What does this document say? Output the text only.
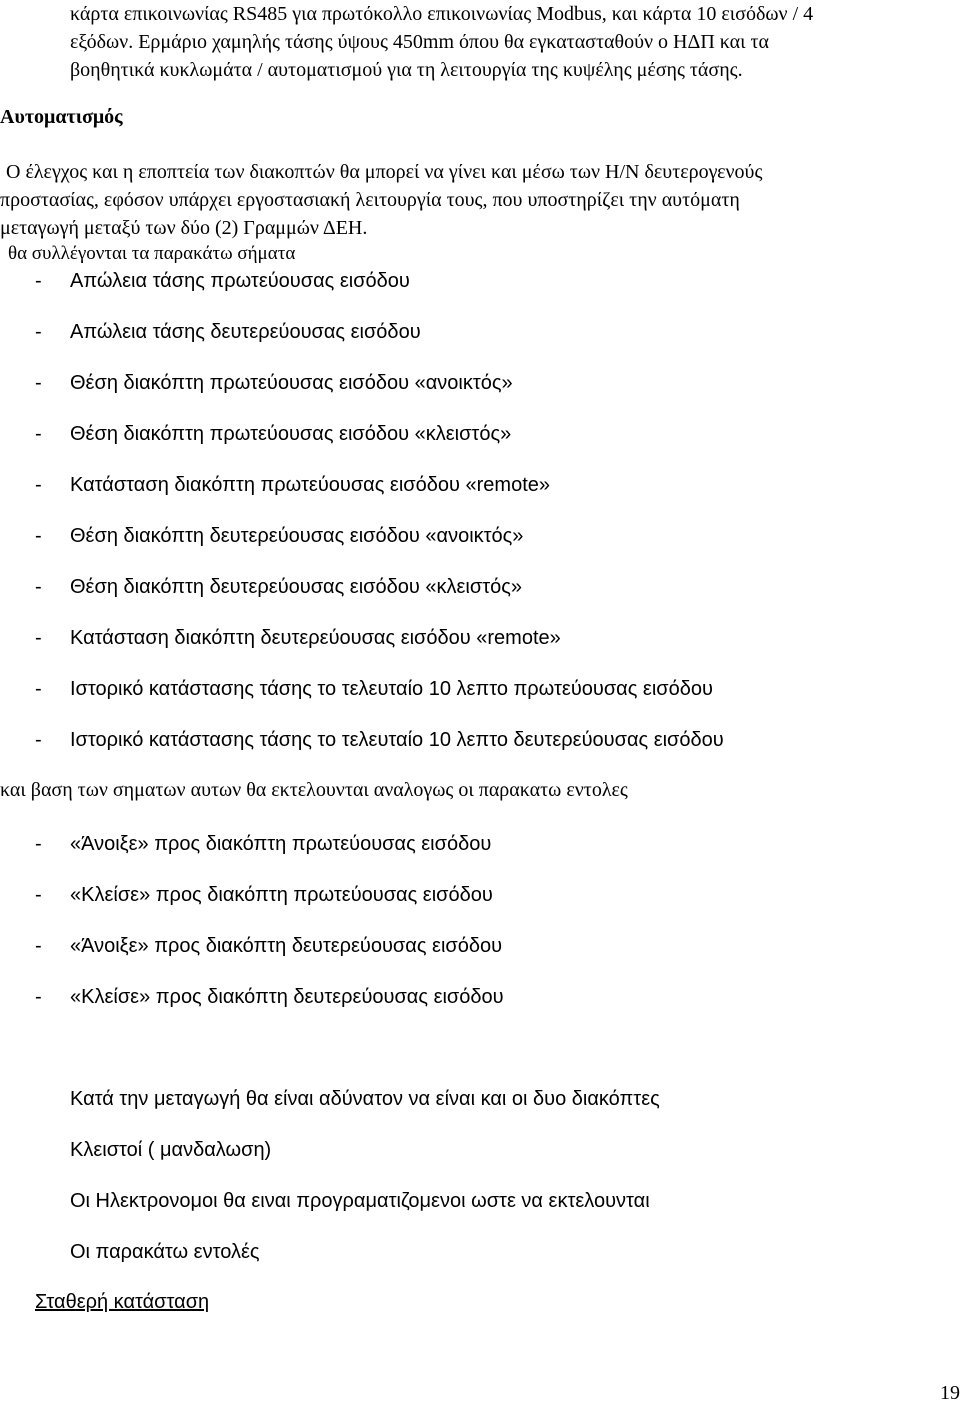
κάρτα επικοινωνίας RS485 για πρωτόκολλο επικοινωνίας Modbus, και κάρτα 10 εισόδων / 4
εξόδων. Ερμάριο χαμηλής τάσης ύψους 450mm όπου θα εγκατασταθούν ο ΗΔΠ και τα
βοηθητικά κυκλωμάτα / αυτοματισμού για τη λειτουργία της κυψέλης μέσης τάσης.
Αυτοματισμός
Ο έλεγχος και η εποπτεία των διακοπτών θα μπορεί να γίνει και μέσω των Η/Ν δευτερογενούς
προστασίας, εφόσον υπάρχει εργοστασιακή λειτουργία τους, που υποστηρίζει την αυτόματη
μεταγωγή μεταξύ των δύο (2) Γραμμών ΔΕΗ.
θα συλλέγονται τα παρακάτω σήματα
- Απώλεια τάσης πρωτεύουσας εισόδου
- Απώλεια τάσης δευτερεύουσας εισόδου
- Θέση διακόπτη πρωτεύουσας εισόδου «ανοικτός»
- Θέση διακόπτη πρωτεύουσας εισόδου «κλειστός»
- Κατάσταση διακόπτη πρωτεύουσας εισόδου «remote»
- Θέση διακόπτη δευτερεύουσας εισόδου «ανοικτός»
- Θέση διακόπτη δευτερεύουσας εισόδου «κλειστός»
- Κατάσταση διακόπτη δευτερεύουσας εισόδου «remote»
- Ιστορικό κατάστασης τάσης το τελευταίο 10 λεπτο πρωτεύουσας εισόδου
- Ιστορικό κατάστασης τάσης το τελευταίο 10 λεπτο δευτερεύουσας εισόδου
και βαση των σηματων αυτων θα εκτελουνται αναλογως οι παρακατω εντολες
- «Άνοιξε» προς διακόπτη πρωτεύουσας εισόδου
- «Κλείσε» προς διακόπτη πρωτεύουσας εισόδου
- «Άνοιξε» προς διακόπτη δευτερεύουσας εισόδου
- «Κλείσε» προς διακόπτη δευτερεύουσας εισόδου
Κατά την μεταγωγή θα είναι αδύνατον να είναι και οι δυο διακόπτες
Κλειστοί ( μανδαλωση)
Οι Ηλεκτρονομοι θα ειναι προγραματιζομενοι ωστε να εκτελουνται
Οι παρακάτω εντολές
Σταθερή κατάσταση
19
